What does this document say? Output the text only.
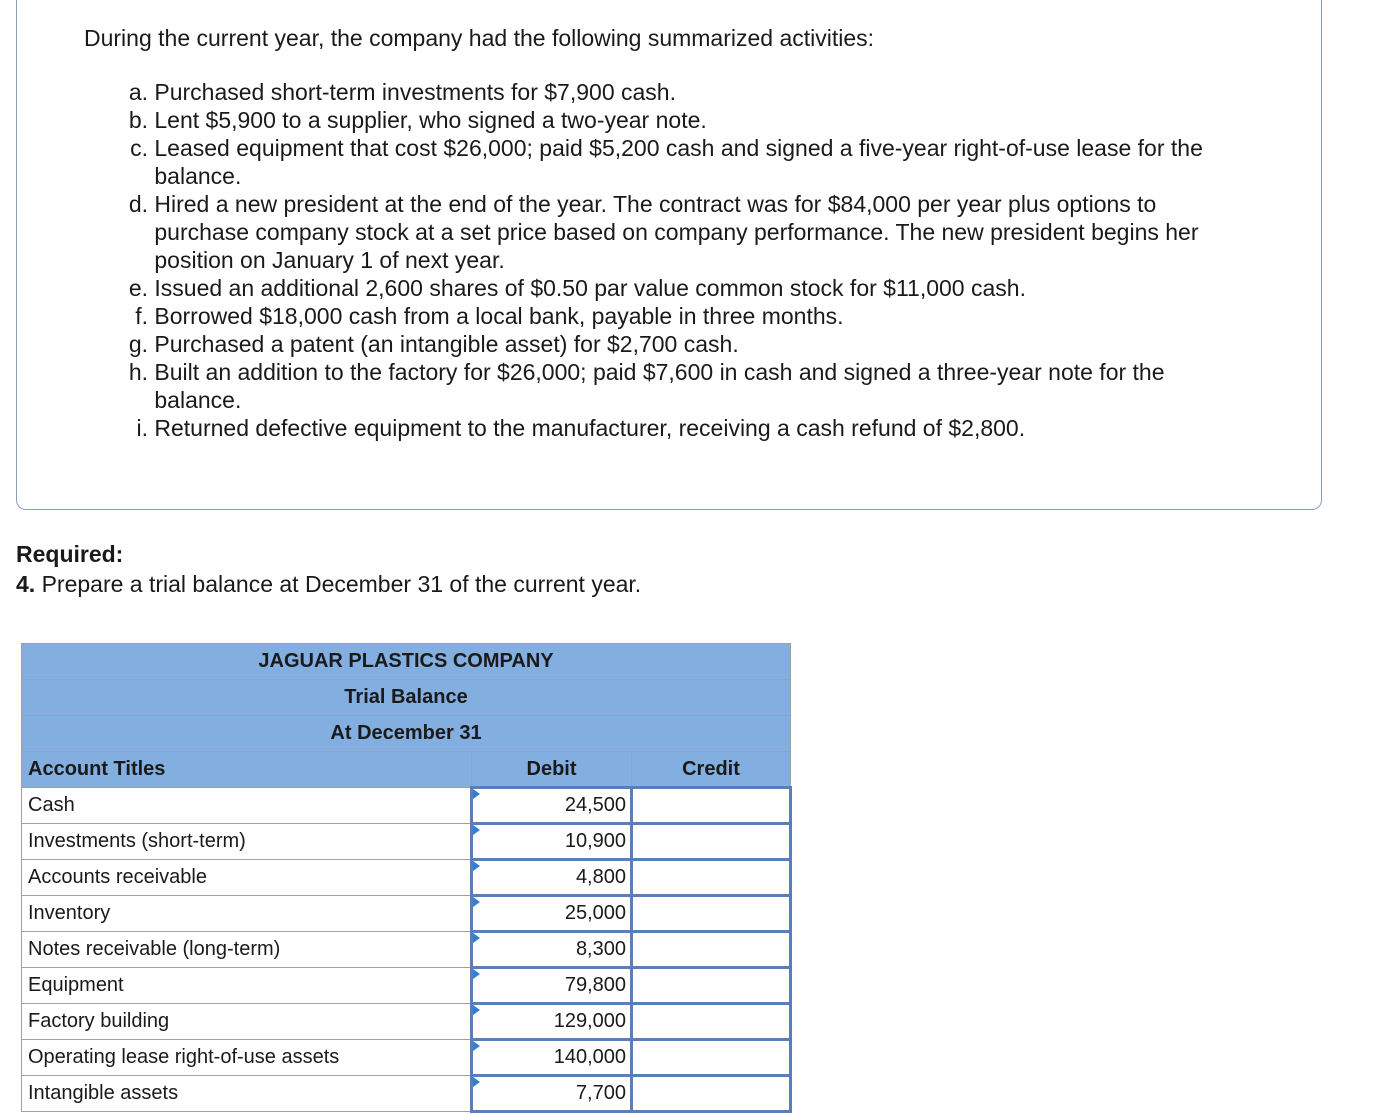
During the current year, the company had the following summarized activities:
a.
Purchased short-term investments for $7,900 cash.
b.
Lent $5,900 to a supplier, who signed a two-year note.
c.
Leased equipment that cost $26,000; paid $5,200 cash and signed a five-year right-of-use lease for the balance.
d.
Hired a new president at the end of the year. The contract was for $84,000 per year plus options to purchase company stock at a set price based on company performance. The new president begins her position on January 1 of next year.
e.
Issued an additional 2,600 shares of $0.50 par value common stock for $11,000 cash.
f.
Borrowed $18,000 cash from a local bank, payable in three months.
g.
Purchased a patent (an intangible asset) for $2,700 cash.
h.
Built an addition to the factory for $26,000; paid $7,600 in cash and signed a three-year note for the balance.
i.
Returned defective equipment to the manufacturer, receiving a cash refund of $2,800.
Required:
4. Prepare a trial balance at December 31 of the current year.
JAGUAR PLASTICS COMPANY		
Trial Balance		
At December 31		
Account Titles	Debit	Credit
Cash	24,500	
Investments (short-term)	10,900	
Accounts receivable	4,800	
Inventory	25,000	
Notes receivable (long-term)	8,300	
Equipment	79,800	
Factory building	129,000	
Operating lease right-of-use assets	140,000	
Intangible assets	7,700	
